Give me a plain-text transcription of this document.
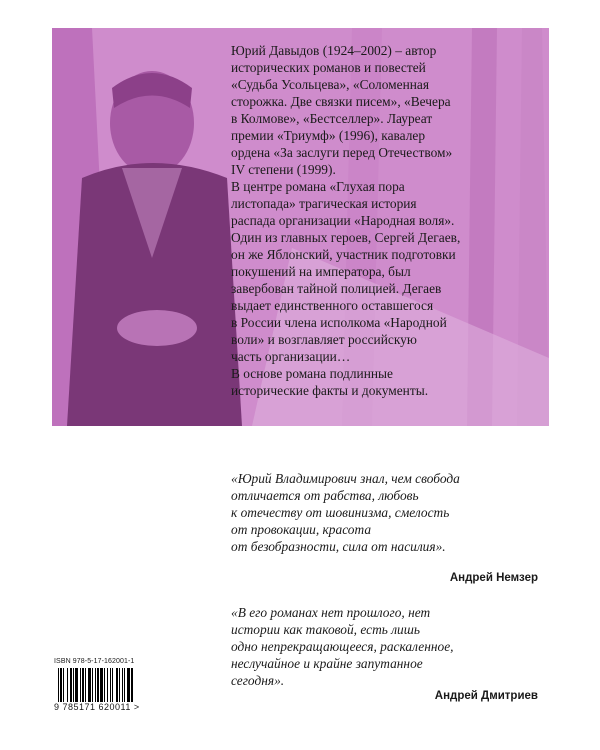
Юрий Давыдов (1924–2002) – автор

исторических романов и повестей

«Судьба Усольцева», «Соломенная

сторожка. Две связки писем», «Вечера

в Колмове», «Бестселлер». Лауреат

премии «Триумф» (1996), кавалер

ордена «За заслуги перед Отечеством»

IV степени (1999).

В центре романа «Глухая пора

листопада» трагическая история

распада организации «Народная воля».

Один из главных героев, Сергей Дегаев,

он же Яблонский, участник подготовки

покушений на императора, был

завербован тайной полицией. Дегаев

выдает единственного оставшегося

в России члена исполкома «Народной

воли» и возглавляет российскую

часть организации…

В основе романа подлинные

исторические факты и документы.

«Юрий Владимирович знал, чем свобода

отличается от рабства, любовь

к отечеству от шовинизма, смелость

от провокации, красота

от безобразности, сила от насилия».

Андрей Немзер

«В его романах нет прошлого, нет

истории как таковой, есть лишь

одно непрекращающееся, раскаленное,

неслучайное и крайне запутанное

сегодня».

Андрей Дмитриев
ISBN 978-5-17-162001-1
9 785171 620011 >
